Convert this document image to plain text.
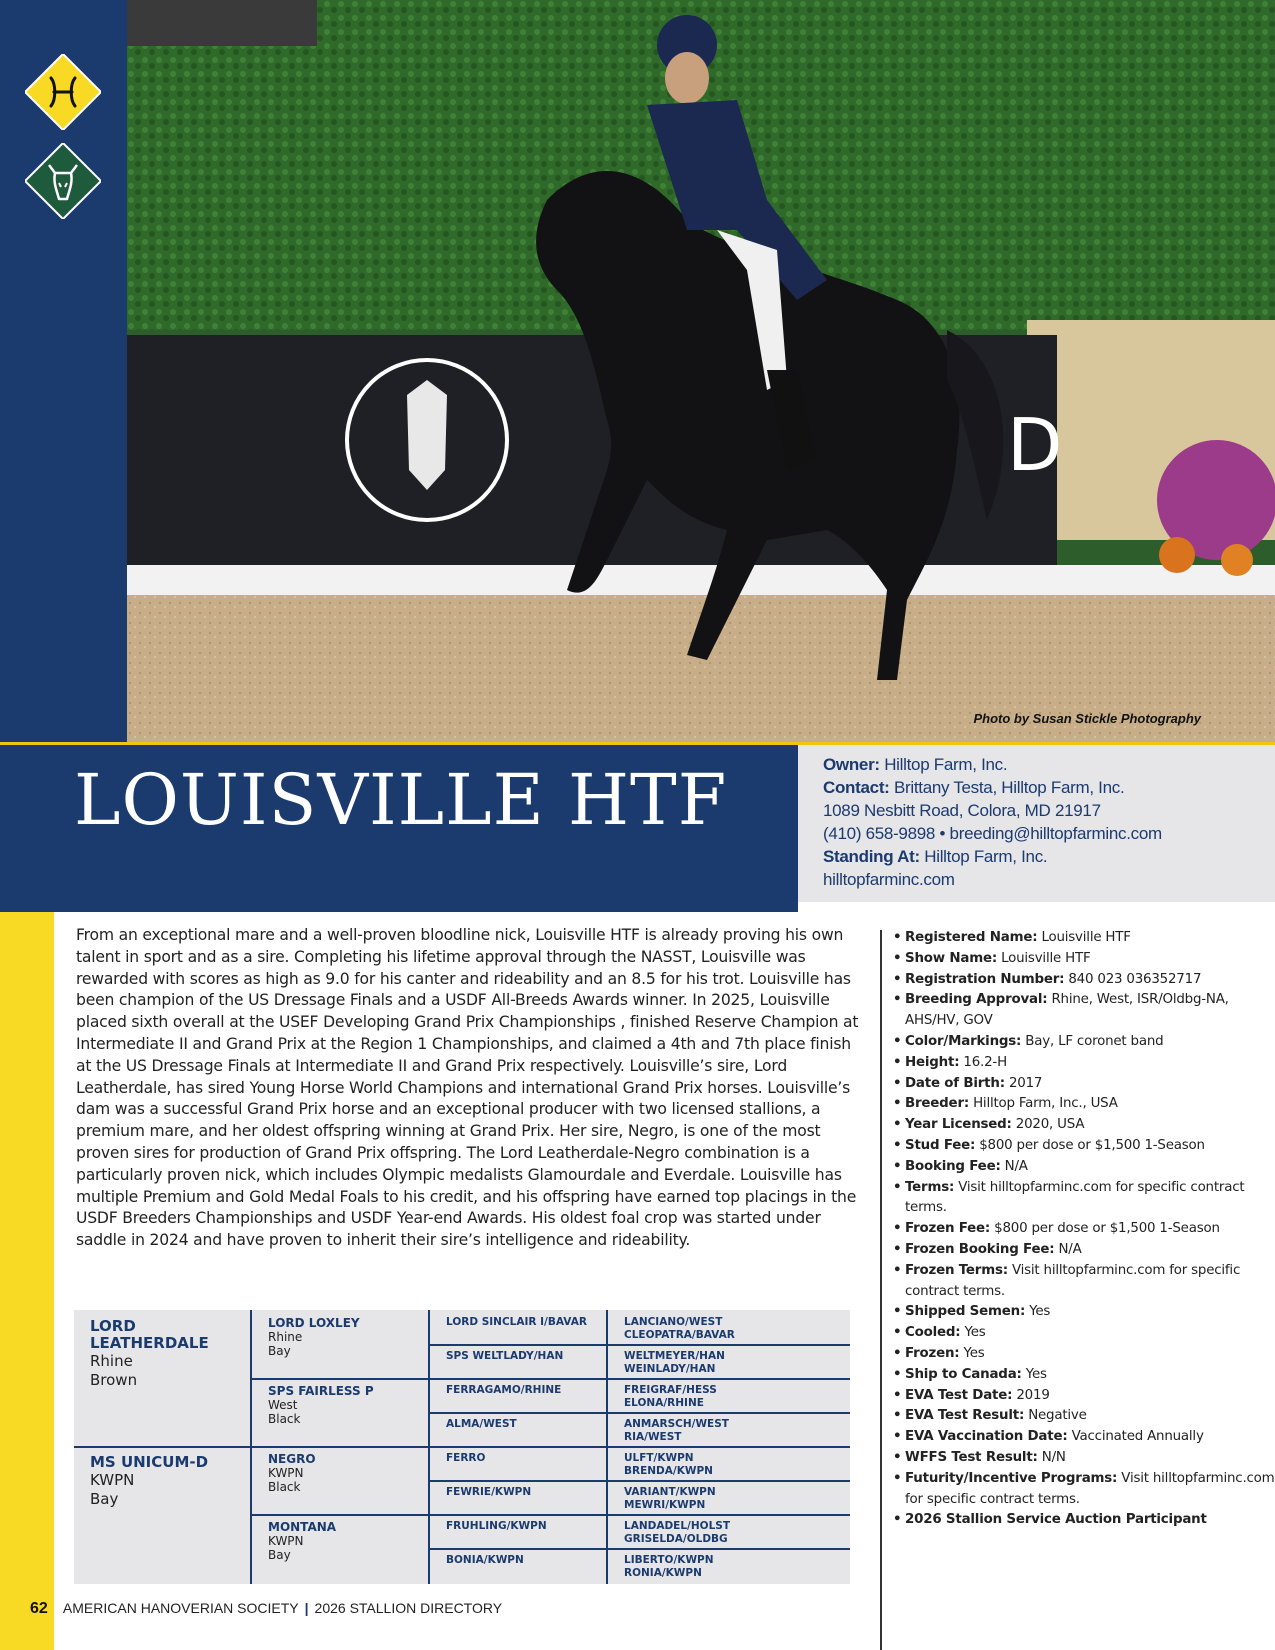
D
Photo by Susan Stickle Photography
LOUISVILLE HTF	Owner: Hilltop Farm, Inc.
Contact: Brittany Testa, Hilltop Farm, Inc.
1089 Nesbitt Road, Colora, MD 21917
(410) 658-9898 • breeding@hilltopfarminc.com
Standing At: Hilltop Farm, Inc.
hilltopfarminc.com

From an exceptional mare and a well-proven bloodline nick, Louisville HTF is already proving his own talent in sport and as a sire. Completing his lifetime approval through the NASST, Louisville was rewarded with scores as high as 9.0 for his canter and rideability and an 8.5 for his trot. Louisville has been champion of the US Dressage Finals and a USDF All-Breeds Awards winner. In 2025, Louisville placed sixth overall at the USEF Developing Grand Prix Championships , finished Reserve Champion at Intermediate II and Grand Prix at the Region 1 Championships, and claimed a 4th and 7th place finish at the US Dressage Finals at Intermediate II and Grand Prix respectively. Louisville’s sire, Lord Leatherdale, has sired Young Horse World Champions and international Grand Prix horses. Louisville’s dam was a successful Grand Prix horse and an exceptional producer with two licensed stallions, a premium mare, and her oldest offspring winning at Grand Prix. Her sire, Negro, is one of the most proven sires for production of Grand Prix offspring. The Lord Leatherdale-Negro combination is a particularly proven nick, which includes Olympic medalists Glamourdale and Everdale. Louisville has multiple Premium and Gold Medal Foals to his credit, and his offspring have earned top placings in the USDF Breeders Championships and USDF Year-end Awards. His oldest foal crop was started under saddle in 2024 and have proven to inherit their sire’s intelligence and rideability.

LORD LEATHERDALE
Rhine
Brown
MS UNICUM-D
KWPN
Bay
LORD LOXLEY
Rhine
Bay
SPS FAIRLESS P
West
Black
NEGRO
KWPN
Black
MONTANA
KWPN
Bay
LORD SINCLAIR I/BAVAR
SPS WELTLADY/HAN
FERRAGAMO/RHINE
ALMA/WEST
FERRO
FEWRIE/KWPN
FRUHLING/KWPN
BONIA/KWPN
LANCIANO/WEST
CLEOPATRA/BAVAR
WELTMEYER/HAN
WEINLADY/HAN
FREIGRAF/HESS
ELONA/RHINE
ANMARSCH/WEST
RIA/WEST
ULFT/KWPN
BRENDA/KWPN
VARIANT/KWPN
MEWRI/KWPN
LANDADEL/HOLST
GRISELDA/OLDBG
LIBERTO/KWPN
RONIA/KWPN
• Registered Name: Louisville HTF
• Show Name: Louisville HTF
• Registration Number: 840 023 036352717
• Breeding Approval: Rhine, West, ISR/Oldbg-NA, AHS/HV, GOV
• Color/Markings: Bay, LF coronet band
• Height: 16.2-H
• Date of Birth: 2017
• Breeder: Hilltop Farm, Inc., USA
• Year Licensed: 2020, USA
• Stud Fee: $800 per dose or $1,500 1-Season
• Booking Fee: N/A
• Terms: Visit hilltopfarminc.com for specific contract terms.
• Frozen Fee: $800 per dose or $1,500 1-Season
• Frozen Booking Fee: N/A
• Frozen Terms: Visit hilltopfarminc.com for specific contract terms.
• Shipped Semen: Yes
• Cooled: Yes
• Frozen: Yes
• Ship to Canada: Yes
• EVA Test Date: 2019
• EVA Test Result: Negative
• EVA Vaccination Date: Vaccinated Annually
• WFFS Test Result: N/N
• Futurity/Incentive Programs: Visit hilltopfarminc.com for specific contract terms.
• 2026 Stallion Service Auction Participant
62 AMERICAN HANOVERIAN SOCIETY | 2026 STALLION DIRECTORY
